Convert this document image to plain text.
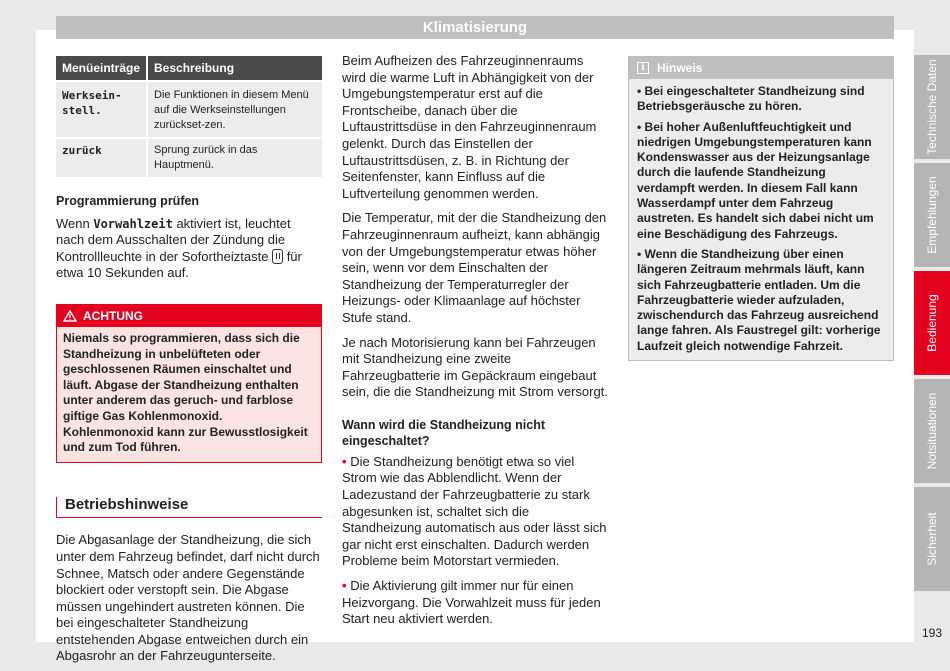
Klimatisierung
Menüeinträge	Beschreibung
Werksein-
stell.	Die Funktionen in diesem Menü auf die Werkseinstellungen zurückset-zen.
zurück	Sprung zurück in das Hauptmenü.
Programmierung prüfen
Wenn Vorwahlzeit aktiviert ist, leuchtet nach dem Ausschalten der Zündung die Kontrollleuchte in der Sofortheiztaste  für etwa 10 Sekunden auf.
ACHTUNG
Niemals so programmieren, dass sich die Standheizung in unbelüfteten oder geschlossenen Räumen einschaltet und läuft. Abgase der Standheizung enthalten unter anderem das geruch- und farblose giftige Gas Kohlenmonoxid. Kohlenmonoxid kann zur Bewusstlosigkeit und zum Tod führen.
Betriebshinweise
Die Abgasanlage der Standheizung, die sich unter dem Fahrzeug befindet, darf nicht durch Schnee, Matsch oder andere Gegenstände blockiert oder verstopft sein. Die Abgase müssen ungehindert austreten können. Die bei eingeschalteter Standheizung entstehenden Abgase entweichen durch ein Abgasrohr an der Fahrzeugunterseite.

Beim Aufheizen des Fahrzeuginnenraums wird die warme Luft in Abhängigkeit von der Umgebungstemperatur erst auf die Frontscheibe, danach über die Luftaustrittsdüse in den Fahrzeuginnenraum gelenkt. Durch das Einstellen der Luftaustrittsdüsen, z. B. in Richtung der Seitenfenster, kann Einfluss auf die Luftverteilung genommen werden.

Die Temperatur, mit der die Standheizung den Fahrzeuginnenraum aufheizt, kann abhängig von der Umgebungstemperatur etwas höher sein, wenn vor dem Einschalten der Standheizung der Temperaturregler der Heizungs- oder Klimaanlage auf höchster Stufe stand.

Je nach Motorisierung kann bei Fahrzeugen mit Standheizung eine zweite Fahrzeugbatterie im Gepäckraum eingebaut sein, die die Standheizung mit Strom versorgt.

Wann wird die Standheizung nicht eingeschaltet?

• Die Standheizung benötigt etwa so viel Strom wie das Abblendlicht. Wenn der Ladezustand der Fahrzeugbatterie zu stark abgesunken ist, schaltet sich die Standheizung automatisch aus oder lässt sich gar nicht erst einschalten. Dadurch werden Probleme beim Motorstart vermieden.

• Die Aktivierung gilt immer nur für einen Heizvorgang. Die Vorwahlzeit muss für jeden Start neu aktiviert werden.

i	Hinweis

• Bei eingeschalteter Standheizung sind Betriebsgeräusche zu hören.

• Bei hoher Außenluftfeuchtigkeit und niedrigen Umgebungstemperaturen kann Kondenswasser aus der Heizungsanlage durch die laufende Standheizung verdampft werden. In diesem Fall kann Wasserdampf unter dem Fahrzeug austreten. Es handelt sich dabei nicht um eine Beschädigung des Fahrzeugs.

• Wenn die Standheizung über einen längeren Zeitraum mehrmals läuft, kann sich Fahrzeugbatterie entladen. Um die Fahrzeugbatterie wieder aufzuladen, zwischendurch das Fahrzeug ausreichend lange fahren. Als Faustregel gilt: vorherige Laufzeit gleich notwendige Fahrzeit.

Technische Daten
Empfehlungen
Bedienung
Notsituationen
Sicherheit
193
